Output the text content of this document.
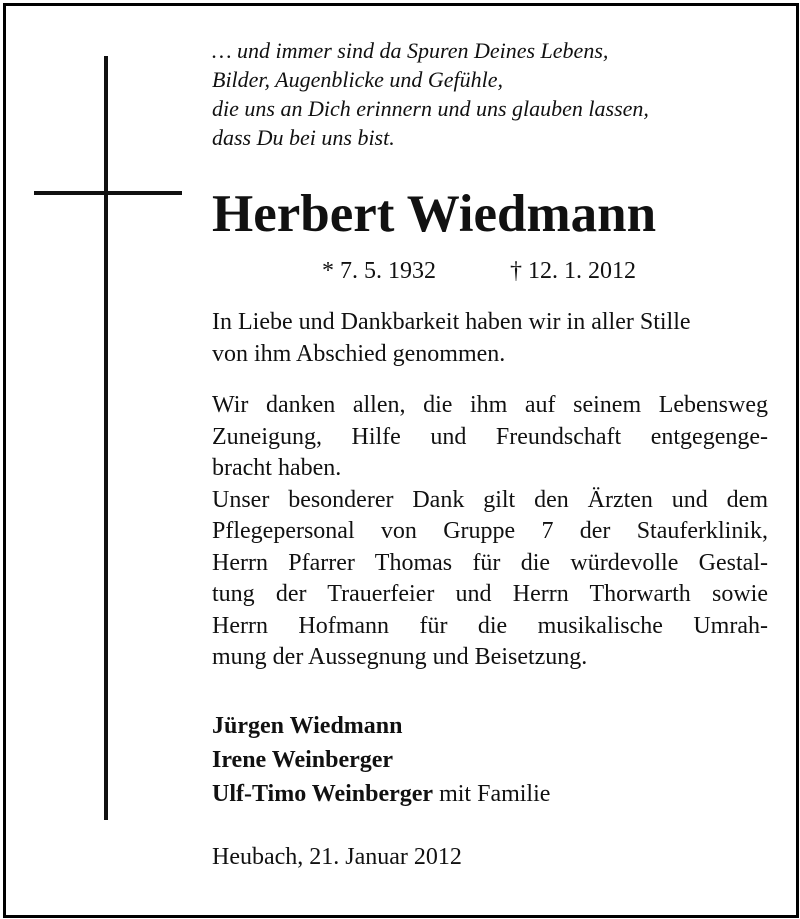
… und immer sind da Spuren Deines Lebens,
Bilder, Augenblicke und Gefühle,
die uns an Dich erinnern und uns glauben lassen,
dass Du bei uns bist.
Herbert Wiedmann
* 7. 5. 1932	† 12. 1. 2012
In Liebe und Dankbarkeit haben wir in aller Stille
von ihm Abschied genommen.
Wir danken allen, die ihm auf seinem Lebensweg
Zuneigung, Hilfe und Freundschaft entgegenge-
bracht haben.
Unser besonderer Dank gilt den Ärzten und dem
Pflegepersonal von Gruppe 7 der Stauferklinik,
Herrn Pfarrer Thomas für die würdevolle Gestal-
tung der Trauerfeier und Herrn Thorwarth sowie
Herrn Hofmann für die musikalische Umrah-
mung der Aussegnung und Beisetzung.
Jürgen Wiedmann
Irene Weinberger
Ulf-Timo Weinberger mit Familie
Heubach, 21. Januar 2012
